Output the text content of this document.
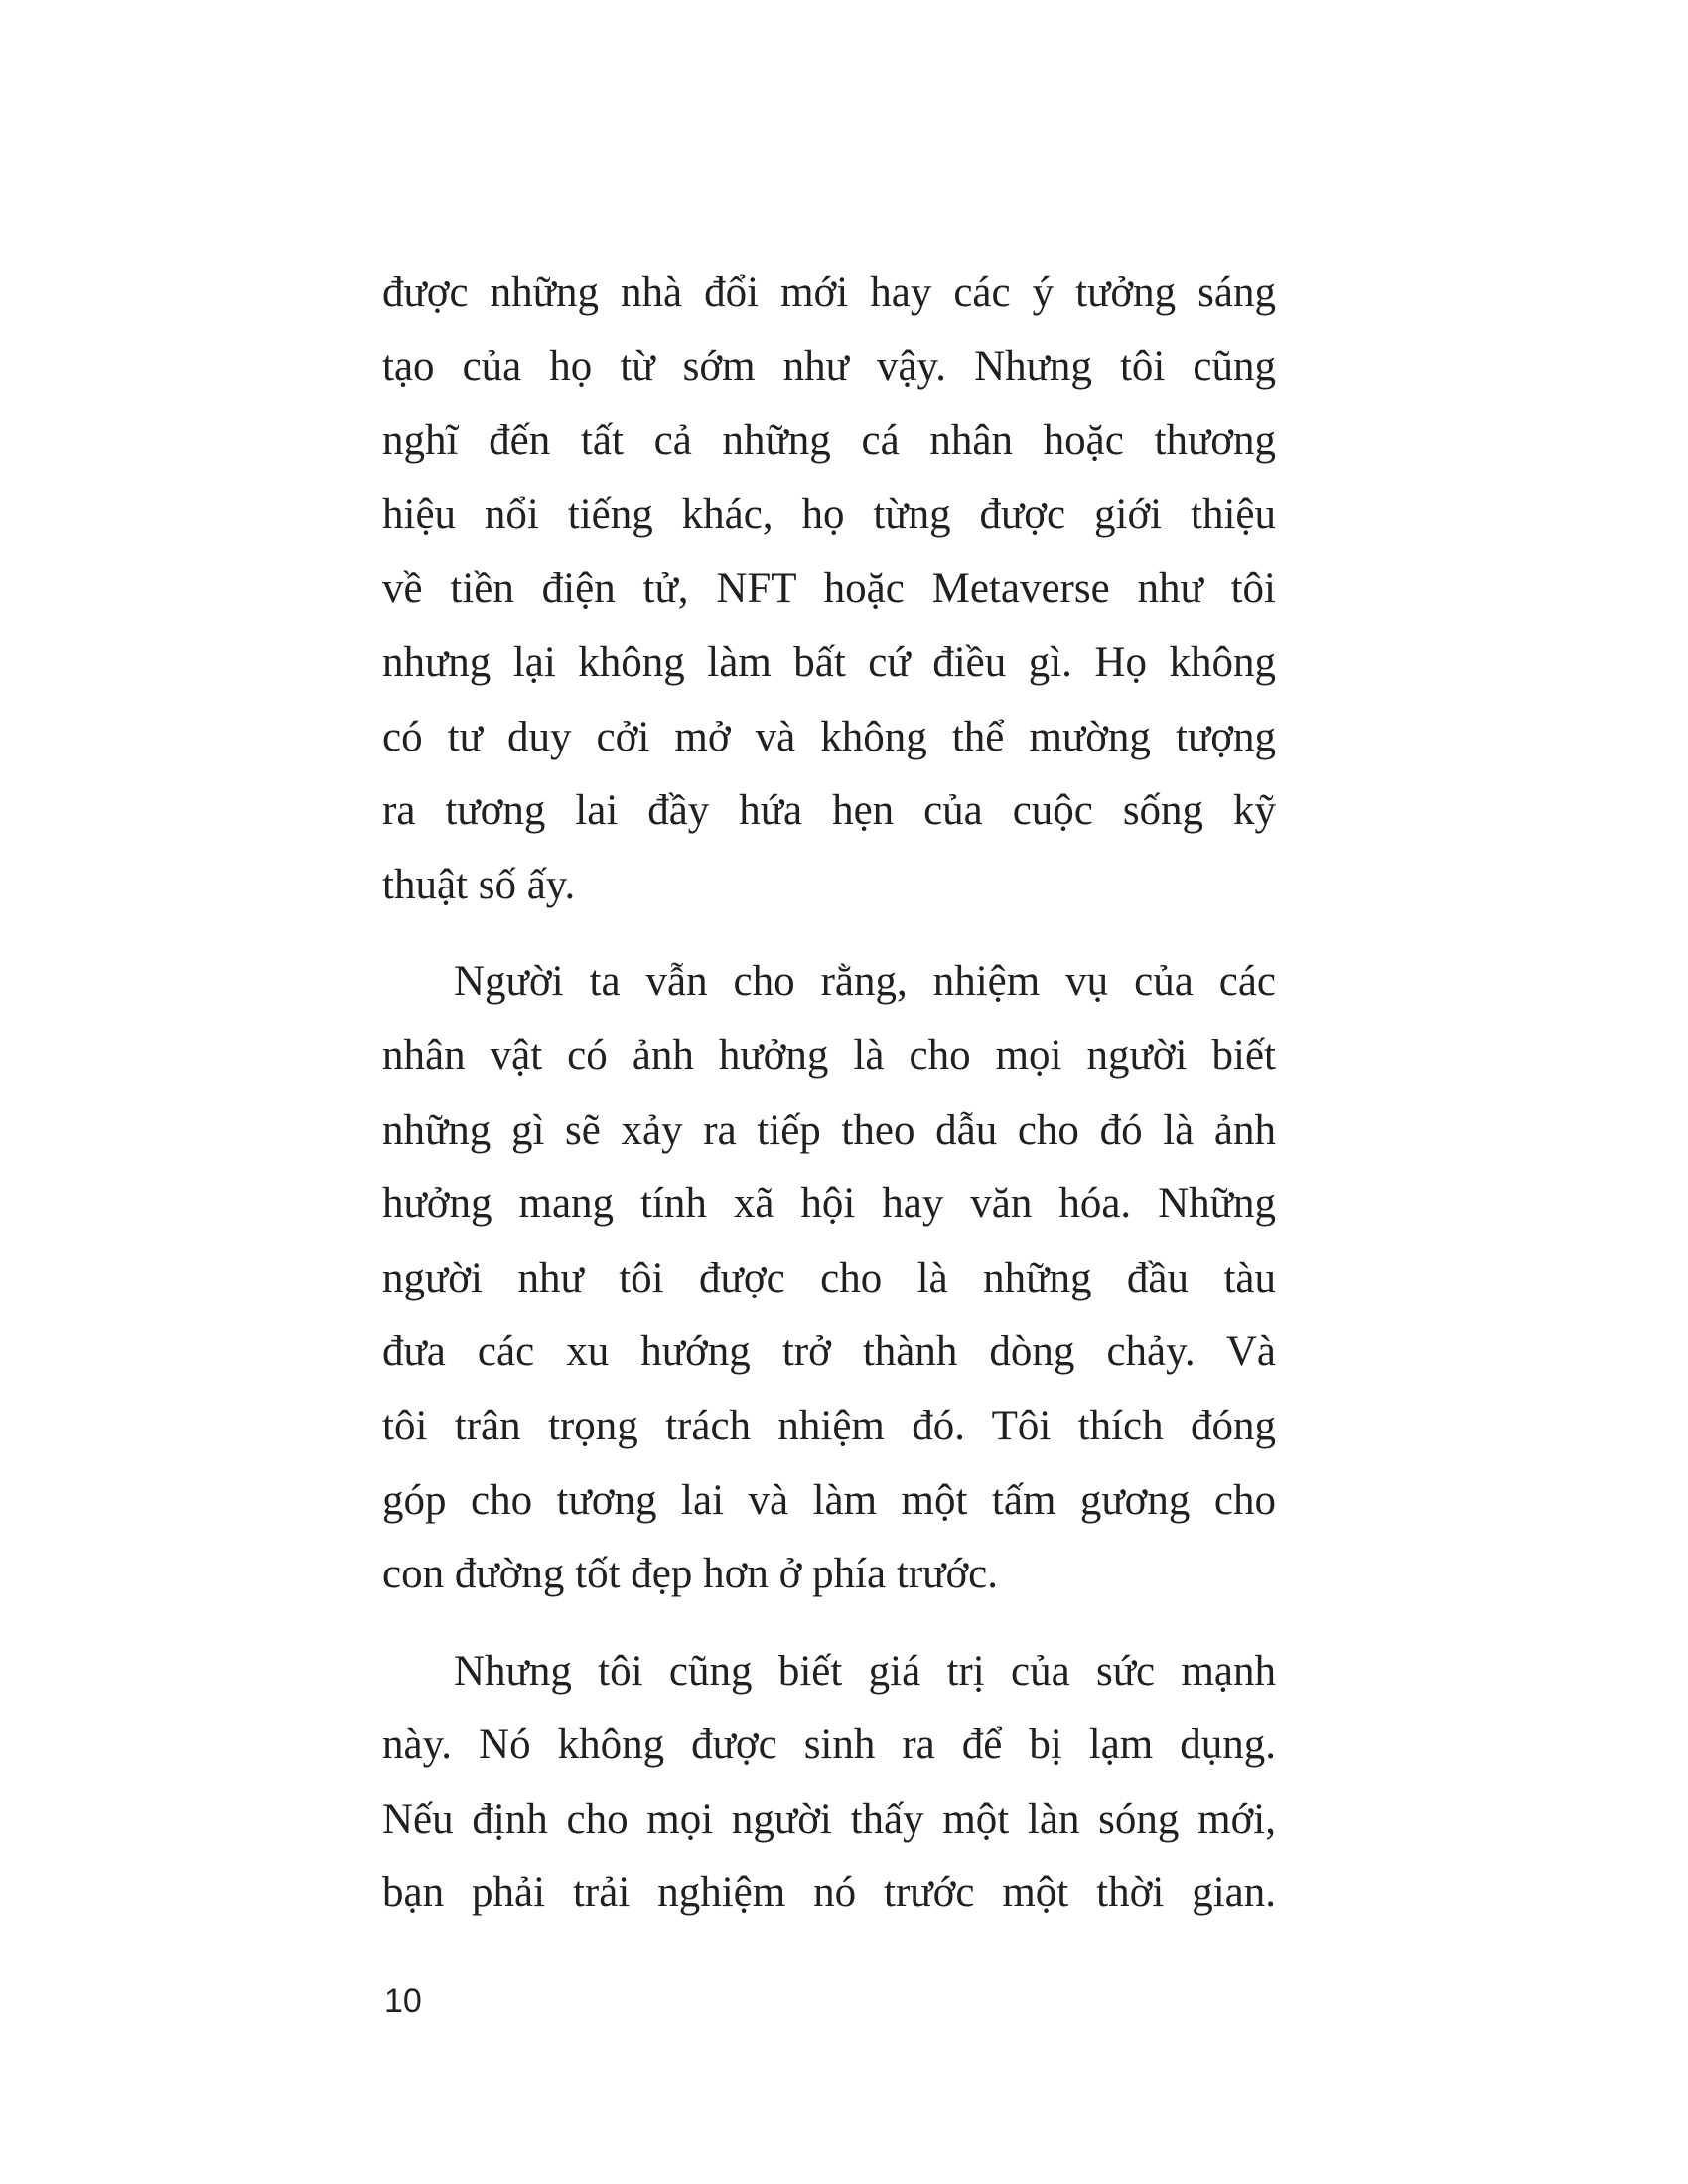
được những nhà đổi mới hay các ý tưởng sáng
tạo của họ từ sớm như vậy. Nhưng tôi cũng
nghĩ đến tất cả những cá nhân hoặc thương
hiệu nổi tiếng khác, họ từng được giới thiệu
về tiền điện tử, NFT hoặc Metaverse như tôi
nhưng lại không làm bất cứ điều gì. Họ không
có tư duy cởi mở và không thể mường tượng
ra tương lai đầy hứa hẹn của cuộc sống kỹ
thuật số ấy.
Người ta vẫn cho rằng, nhiệm vụ của các
nhân vật có ảnh hưởng là cho mọi người biết
những gì sẽ xảy ra tiếp theo dẫu cho đó là ảnh
hưởng mang tính xã hội hay văn hóa. Những
người như tôi được cho là những đầu tàu
đưa các xu hướng trở thành dòng chảy. Và
tôi trân trọng trách nhiệm đó. Tôi thích đóng
góp cho tương lai và làm một tấm gương cho
con đường tốt đẹp hơn ở phía trước.
Nhưng tôi cũng biết giá trị của sức mạnh
này. Nó không được sinh ra để bị lạm dụng.
Nếu định cho mọi người thấy một làn sóng mới,
bạn phải trải nghiệm nó trước một thời gian.
10
